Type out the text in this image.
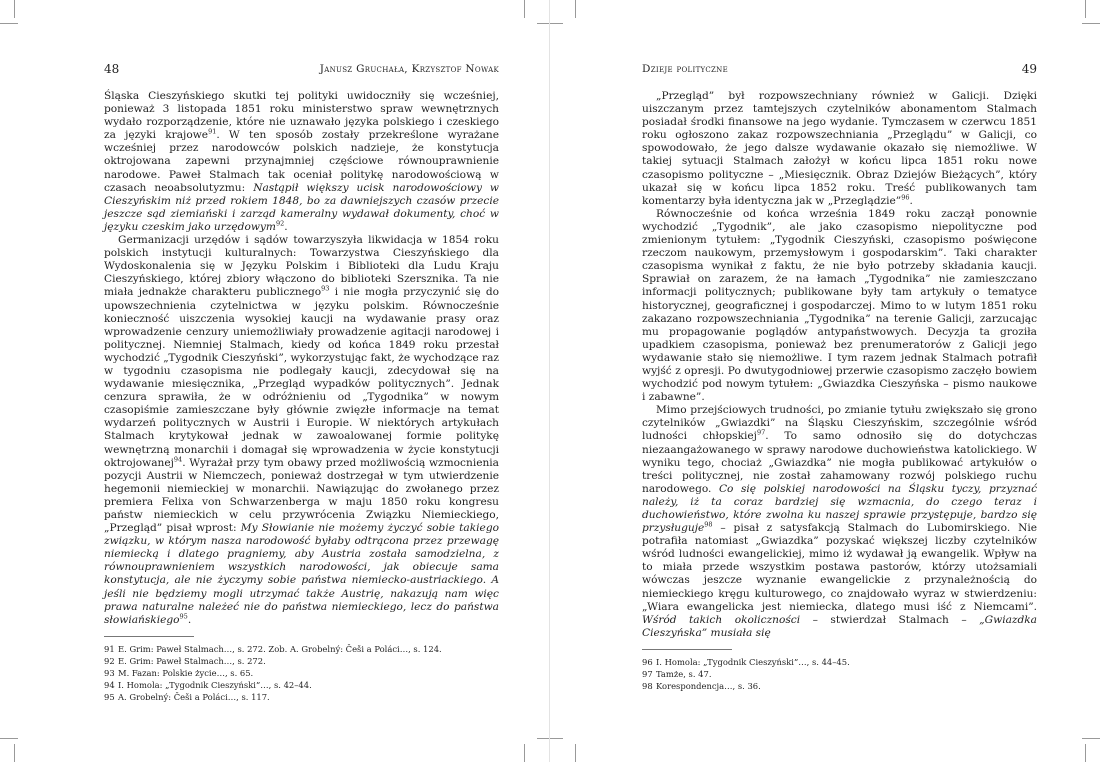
48	Janusz Gruchała, Krzysztof Nowak

Śląska Cieszyńskiego skutki tej polityki uwidoczniły się wcześniej, ponieważ 3 listopada 1851 roku ministerstwo spraw wewnętrznych wydało rozporządzenie, które nie uznawało języka polskiego i czeskiego za języki krajowe$^{91}$. W ten sposób zostały przekreślone wyrażane wcześniej przez narodowców polskich nadzieje, że konstytucja oktrojowana zapewni przynajmniej częściowe równouprawnienie narodowe. Paweł Stalmach tak oceniał politykę narodowościową w czasach neoabsolutyzmu: Nastąpił większy ucisk narodowościowy w Cieszyńskim niż przed rokiem 1848, bo za dawniejszych czasów przecie jeszcze sąd ziemiański i zarząd kameralny wydawał dokumenty, choć w języku czeskim jako urzędowym$^{92}$.

Germanizacji urzędów i sądów towarzyszyła likwidacja w 1854 roku polskich instytucji kulturalnych: Towarzystwa Cieszyńskiego dla Wydoskonalenia się w Języku Polskim i Biblioteki dla Ludu Kraju Cieszyńskiego, której zbiory włączono do biblioteki Szersznika. Ta nie miała jednakże charakteru publicznego$^{93}$ i nie mogła przyczynić się do upowszechnienia czytelnictwa w języku polskim. Równocześnie konieczność uiszczenia wysokiej kaucji na wydawanie prasy oraz wprowadzenie cenzury uniemożliwiały prowadzenie agitacji narodowej i politycznej. Niemniej Stalmach, kiedy od końca 1849 roku przestał wychodzić „Tygodnik Cieszyński”, wykorzystując fakt, że wychodzące raz w tygodniu czasopisma nie podlegały kaucji, zdecydował się na wydawanie miesięcznika, „Przegląd wypadków politycznych”. Jednak cenzura sprawiła, że w odróżnieniu od „Tygodnika” w nowym czasopiśmie zamieszczane były głównie zwięzłe informacje na temat wydarzeń politycznych w Austrii i Europie. W niektórych artykułach Stalmach krytykował jednak w zawoalowanej formie politykę wewnętrzną monarchii i domagał się wprowadzenia w życie konstytucji oktrojowanej$^{94}$. Wyrażał przy tym obawy przed możliwością wzmocnienia pozycji Austrii w Niemczech, ponieważ dostrzegał w tym utwierdzenie hegemonii niemieckiej w monarchii. Nawiązując do zwołanego przez premiera Felixa von Schwarzenberga w maju 1850 roku kongresu państw niemieckich w celu przywrócenia Związku Niemieckiego, „Przegląd” pisał wprost: My Słowianie nie możemy życzyć sobie takiego związku, w którym nasza narodowość byłaby odtrącona przez przewagę niemiecką i dlatego pragniemy, aby Austria została samodzielna, z równouprawnieniem wszystkich narodowości, jak obiecuje sama konstytucja, ale nie życzymy sobie państwa niemiecko-austriackiego. A jeśli nie będziemy mogli utrzymać także Austrię, nakazują nam więc prawa naturalne należeć nie do państwa niemieckiego, lecz do państwa słowiańskiego$^{95}$.

91 E. Grim: Paweł Stalmach…, s. 272. Zob. A. Grobelný: Češi a Poláci…, s. 124.
92 E. Grim: Paweł Stalmach…, s. 272.
93 M. Fazan: Polskie życie…, s. 65.
94 I. Homola: „Tygodnik Cieszyński”…, s. 42–44.
95 A. Grobelný: Češi a Poláci…, s. 117.
Dzieje polityczne	49

„Przegląd” był rozpowszechniany również w Galicji. Dzięki uiszczanym przez tamtejszych czytelników abonamentom Stalmach posiadał środki finansowe na jego wydanie. Tymczasem w czerwcu 1851 roku ogłoszono zakaz rozpowszechniania „Przeglądu” w Galicji, co spowodowało, że jego dalsze wydawanie okazało się niemożliwe. W takiej sytuacji Stalmach założył w końcu lipca 1851 roku nowe czasopismo polityczne – „Miesięcznik. Obraz Dziejów Bieżących”, który ukazał się w końcu lipca 1852 roku. Treść publikowanych tam komentarzy była identyczna jak w „Przeglądzie”$^{96}$.

Równocześnie od końca września 1849 roku zaczął ponownie wychodzić „Tygodnik”, ale jako czasopismo niepolityczne pod zmienionym tytułem: „Tygodnik Cieszyński, czasopismo poświęcone rzeczom naukowym, przemysłowym i gospodarskim”. Taki charakter czasopisma wynikał z faktu, że nie było potrzeby składania kaucji. Sprawiał on zarazem, że na łamach „Tygodnika” nie zamieszczano informacji politycznych; publikowane były tam artykuły o tematyce historycznej, geograficznej i gospodarczej. Mimo to w lutym 1851 roku zakazano rozpowszechniania „Tygodnika” na terenie Galicji, zarzucając mu propagowanie poglądów antypaństwowych. Decyzja ta groziła upadkiem czasopisma, ponieważ bez prenumeratorów z Galicji jego wydawanie stało się niemożliwe. I tym razem jednak Stalmach potrafił wyjść z opresji. Po dwutygodniowej przerwie czasopismo zaczęło bowiem wychodzić pod nowym tytułem: „Gwiazdka Cieszyńska – pismo naukowe i zabawne”.

Mimo przejściowych trudności, po zmianie tytułu zwiększało się grono czytelników „Gwiazdki” na Śląsku Cieszyńskim, szczególnie wśród ludności chłopskiej$^{97}$. To samo odnosiło się do dotychczas niezaangażowanego w sprawy narodowe duchowieństwa katolickiego. W wyniku tego, chociaż „Gwiazdka” nie mogła publikować artykułów o treści politycznej, nie został zahamowany rozwój polskiego ruchu narodowego. Co się polskiej narodowości na Śląsku tyczy, przyznać należy, iż ta coraz bardziej się wzmacnia, do czego teraz i duchowieństwo, które zwolna ku naszej sprawie przystępuje, bardzo się przysługuje$^{98}$ – pisał z satysfakcją Stalmach do Lubomirskiego. Nie potrafiła natomiast „Gwiazdka” pozyskać większej liczby czytelników wśród ludności ewangelickiej, mimo iż wydawał ją ewangelik. Wpływ na to miała przede wszystkim postawa pastorów, którzy utożsamiali wówczas jeszcze wyznanie ewangelickie z przynależnością do niemieckiego kręgu kulturowego, co znajdowało wyraz w stwierdzeniu: „Wiara ewangelicka jest niemiecka, dlatego musi iść z Niemcami”. Wśród takich okoliczności – stwierdzał Stalmach – „Gwiazdka Cieszyńska” musiała się

96 I. Homola: „Tygodnik Cieszyński”…, s. 44–45.
97 Tamże, s. 47.
98 Korespondencja…, s. 36.
